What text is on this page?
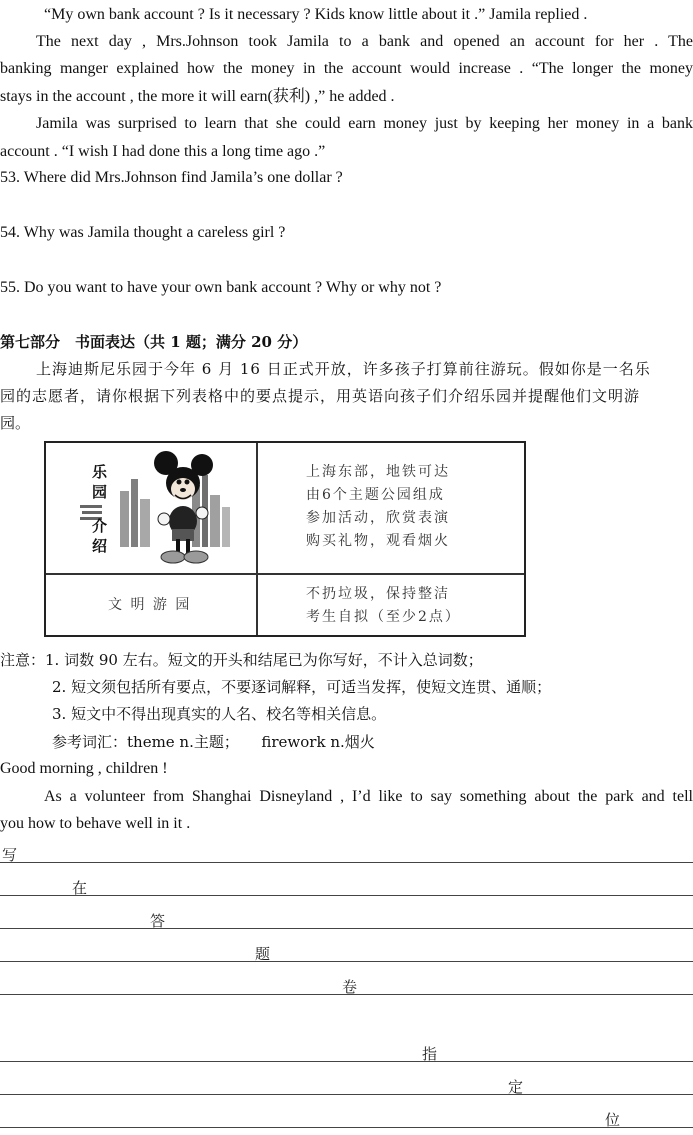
“My own bank account ? Is it necessary ? Kids know little about it .” Jamila replied .
The next day , Mrs.Johnson took Jamila to a bank and opened an account for her . The
banking manger explained how the money in the account would increase . “The longer the money
stays in the account , the more it will earn(获利) ,” he added .
Jamila was surprised to learn that she could earn money just by keeping her money in a bank
account . “I wish I had done this a long time ago .”
53. Where did Mrs.Johnson find Jamila’s one dollar ?
54. Why was Jamila thought a careless girl ?
55. Do you want to have your own bank account ? Why or why not ?
第七部分　书面表达（共 1 题；满分 20 分）
上海迪斯尼乐园于今年 6 月 16 日正式开放，许多孩子打算前往游玩。假如你是一名乐
园的志愿者，请你根据下列表格中的要点提示，用英语向孩子们介绍乐园并提醒他们文明游
园。
乐
园
介
绍
上海东部，地铁可达
由6个主题公园组成
参加活动，欣赏表演
购买礼物，观看烟火
文 明 游 园
不扔垃圾，保持整洁
考生自拟（至少2点）
注意：1. 词数 90 左右。短文的开头和结尾已为你写好，不计入总词数；
2. 短文须包括所有要点，不要逐词解释，可适当发挥，使短文连贯、通顺；
3. 短文中不得出现真实的人名、校名等相关信息。
参考词汇：theme n.主题；　　firework n.烟火
Good morning , children !
As a volunteer from Shanghai Disneyland , I’d like to say something about the park and tell
you how to behave well in it .
写
在
答
题
卷
指
定
位
